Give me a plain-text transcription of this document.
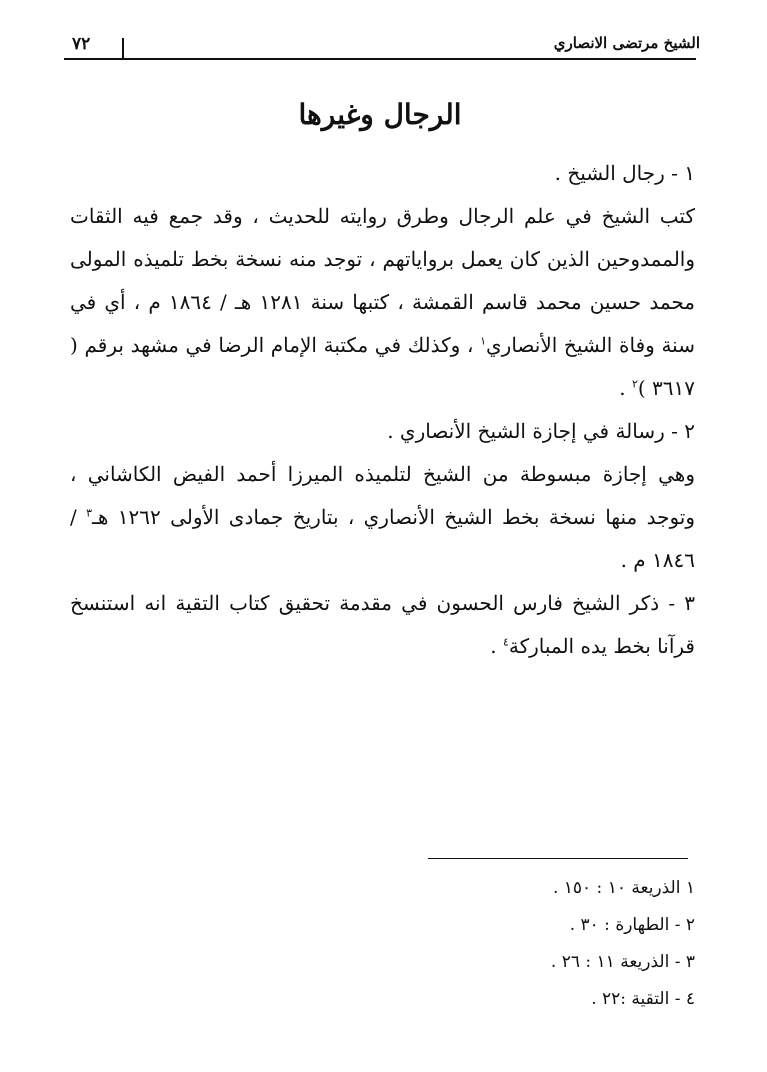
الشيخ مرتضى الانصاري
٧٢
الرجال وغيرها

١ - رجال الشيخ .

كتب الشيخ في علم الرجال وطرق روايته للحديث ، وقد جمع فيه الثقات والممدوحين الذين كان يعمل برواياتهم ، توجد منه نسخة بخط تلميذه المولى محمد حسين محمد قاسم القمشة ، كتبها سنة ١٢٨١ هـ / ١٨٦٤ م ، أي في سنة وفاة الشيخ الأنصاري$^١$ ، وكذلك في مكتبة الإمام الرضا في مشهد برقم ( ٣٦١٧ )$^٢$ .

٢ - رسالة في إجازة الشيخ الأنصاري .

وهي إجازة مبسوطة من الشيخ لتلميذه الميرزا أحمد الفيض الكاشاني ، وتوجد منها نسخة بخط الشيخ الأنصاري ، بتاريخ جمادى الأولى ١٢٦٢ هـ$^٣$ / ١٨٤٦ م .

٣ - ذكر الشيخ فارس الحسون في مقدمة تحقيق كتاب التقية انه استنسخ قرآنا بخط يده المباركة$^٤$ .

١ الذريعة ١٠ : ١٥٠ .

٢ - الطهارة : ٣٠ .

٣ - الذريعة ١١ : ٢٦ .

٤ - التقية :٢٢ .
